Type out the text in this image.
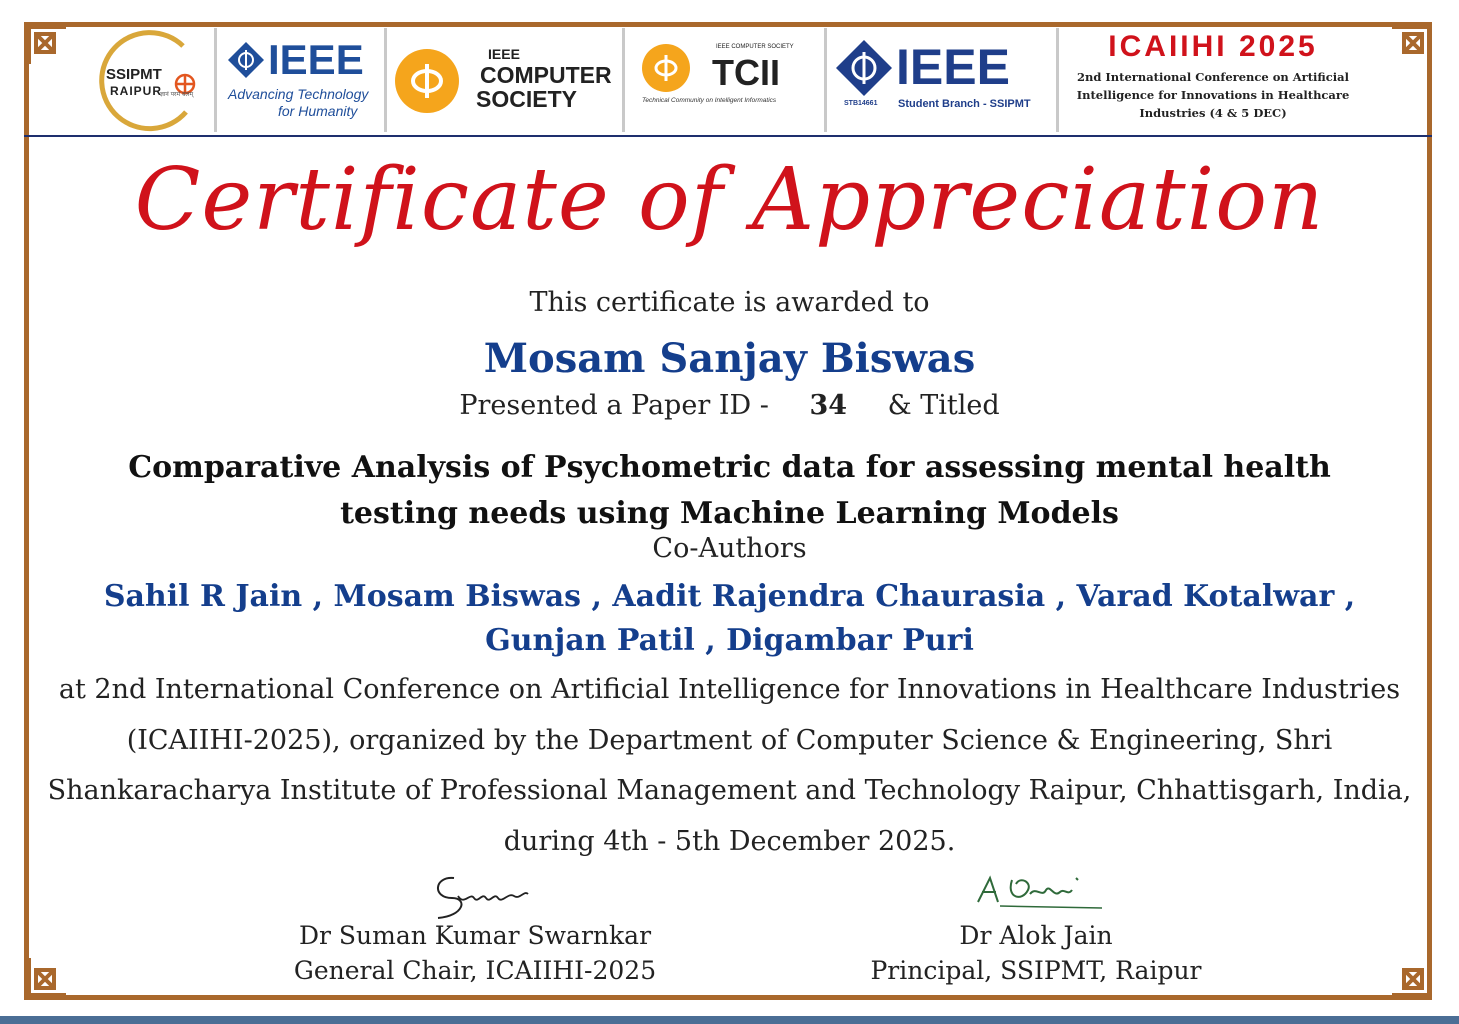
SSIPMT
RAIPUR
ज्ञानं परमं बलम्
IEEE
Advancing Technology
for Humanity
IEEE
COMPUTER
SOCIETY
IEEE COMPUTER SOCIETY
TCII
Technical Community on Intelligent Informatics
IEEE
STB14661 Student Branch - SSIPMT
ICAIIHI 2025
2nd International Conference on Artificial
Intelligence for Innovations in Healthcare
Industries (4 & 5 DEC)
Certificate of Appreciation
This certificate is awarded to
Mosam Sanjay Biswas
Presented a Paper ID - 34 & Titled
Comparative Analysis of Psychometric data for assessing mental health testing needs using Machine Learning Models
Co-Authors
Sahil R Jain , Mosam Biswas , Aadit Rajendra Chaurasia , Varad Kotalwar , Gunjan Patil , Digambar Puri
at 2nd International Conference on Artificial Intelligence for Innovations in Healthcare Industries (ICAIIHI-2025), organized by the Department of Computer Science & Engineering, Shri Shankaracharya Institute of Professional Management and Technology Raipur, Chhattisgarh, India, during 4th - 5th December 2025.
Dr Suman Kumar Swarnkar
General Chair, ICAIIHI-2025
Dr Alok Jain
Principal, SSIPMT, Raipur
